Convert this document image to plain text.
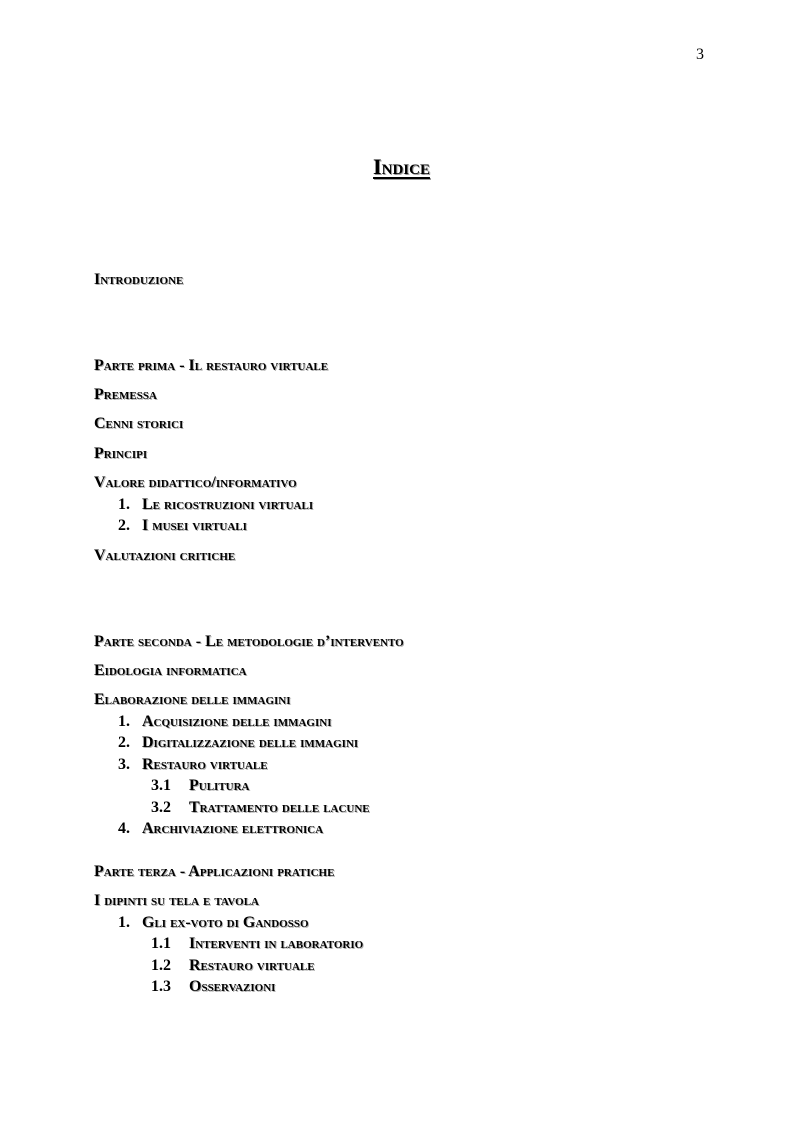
3
Indice
Introduzione
Parte prima - Il restauro virtuale
Premessa
Cenni storici
Principi
Valore didattico/informativo
1. Le ricostruzioni virtuali
2. I musei virtuali
Valutazioni critiche
Parte seconda - Le metodologie d’intervento
Eidologia informatica
Elaborazione delle immagini
1. Acquisizione delle immagini
2. Digitalizzazione delle immagini
3. Restauro virtuale
3.1 Pulitura
3.2 Trattamento delle lacune
4. Archiviazione elettronica
Parte terza - Applicazioni pratiche
I dipinti su tela e tavola
1. Gli ex-voto di Gandosso
1.1 Interventi in laboratorio
1.2 Restauro virtuale
1.3 Osservazioni
